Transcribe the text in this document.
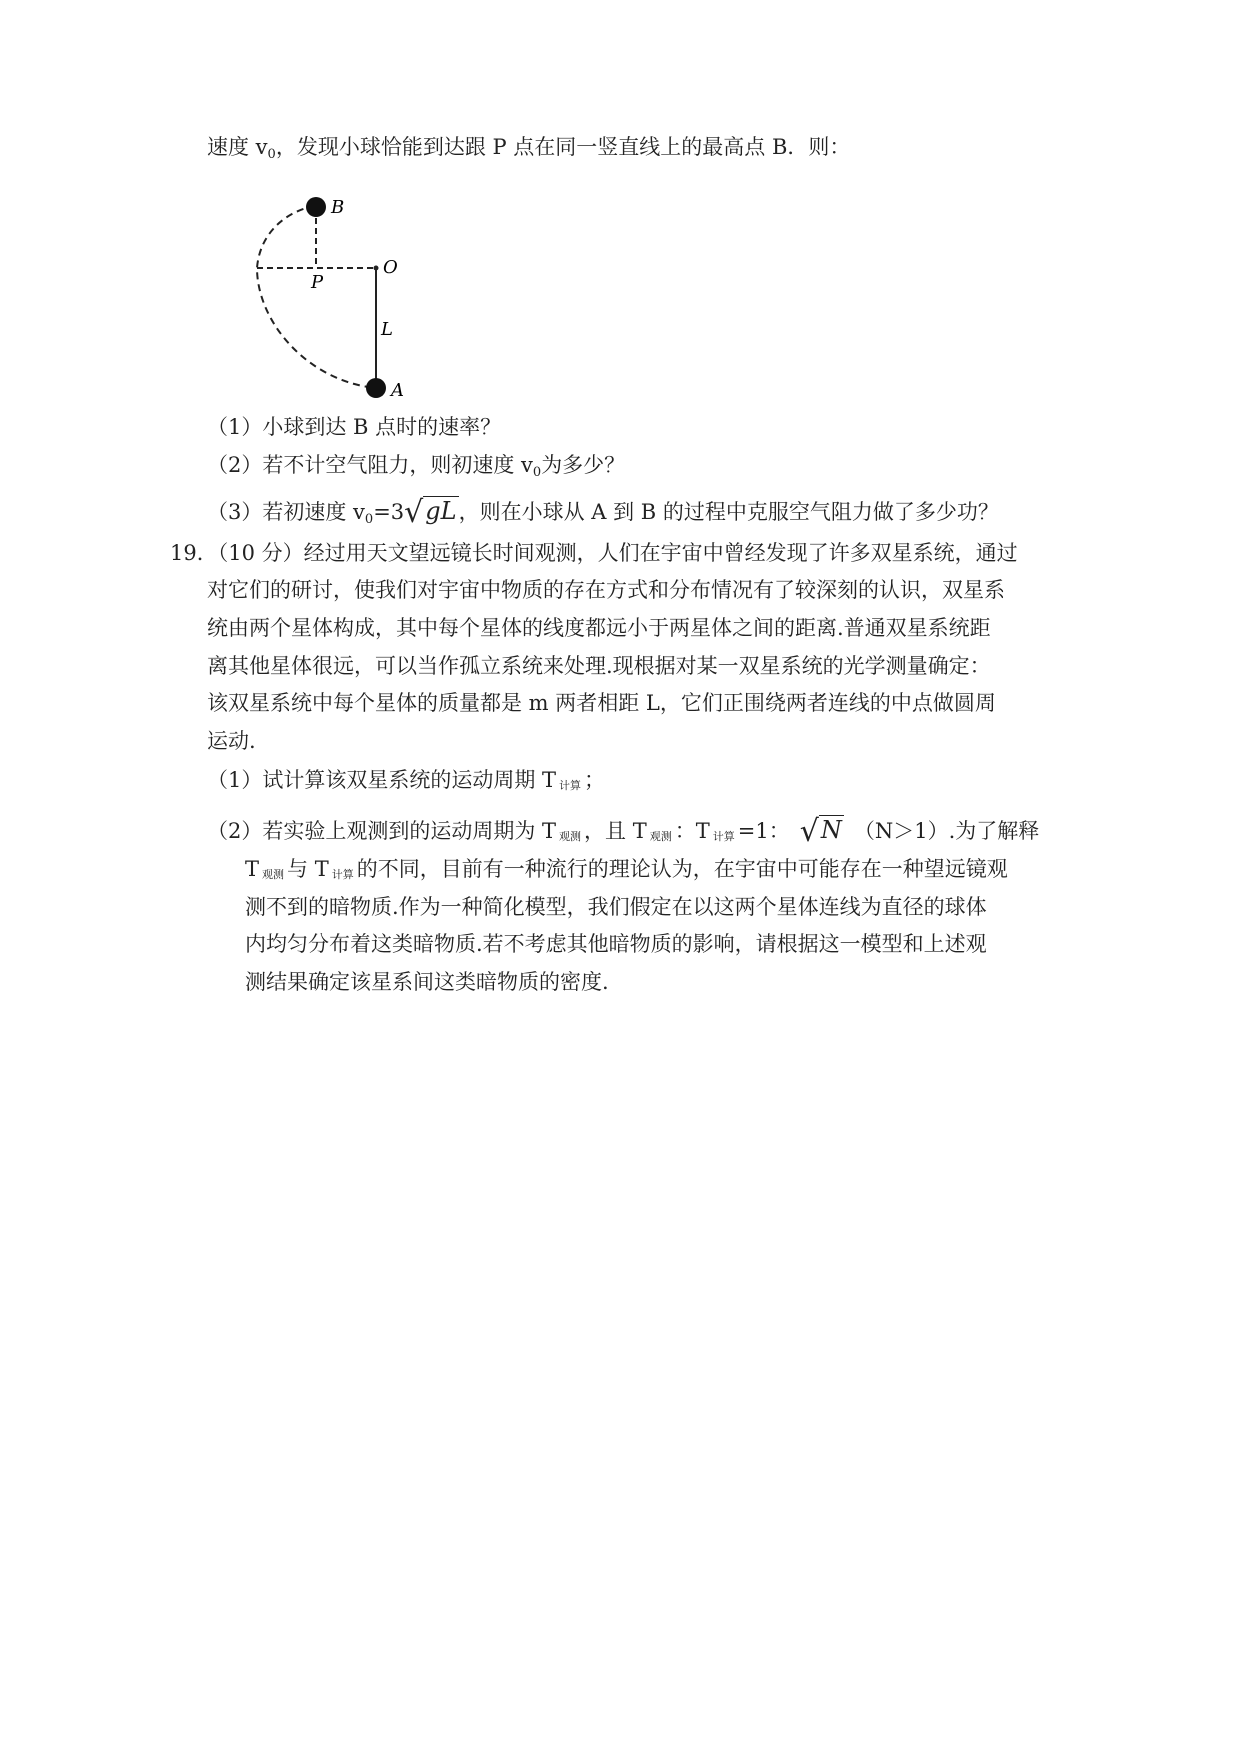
速度 $v_0$，发现小球恰能到达跟 P 点在同一竖直线上的最高点 B．则：
B
O
P
L
A
（1）小球到达 B 点时的速率？
（2）若不计空气阻力，则初速度 $v_0$为多少？
（3）若初速度 $v_0=3√gL$，则在小球从 A 到 B 的过程中克服空气阻力做了多少功？
19．（10 分）经过用天文望远镜长时间观测，人们在宇宙中曾经发现了许多双星系统，通过
对它们的研讨，使我们对宇宙中物质的存在方式和分布情况有了较深刻的认识，双星系
统由两个星体构成，其中每个星体的线度都远小于两星体之间的距离.普通双星系统距
离其他星体很远，可以当作孤立系统来处理.现根据对某一双星系统的光学测量确定：
该双星系统中每个星体的质量都是 m 两者相距 L，它们正围绕两者连线的中点做圆周
运动.
（1）试计算该双星系统的运动周期 T 计算 ；
（2）若实验上观测到的运动周期为 T 观测 ，且 T 观测 ：T 计算 =1： √N （N＞1）.为了解释
T观测 与 T 计算 的不同，目前有一种流行的理论认为，在宇宙中可能存在一种望远镜观
测不到的暗物质.作为一种简化模型，我们假定在以这两个星体连线为直径的球体
内均匀分布着这类暗物质.若不考虑其他暗物质的影响，请根据这一模型和上述观
测结果确定该星系间这类暗物质的密度.
